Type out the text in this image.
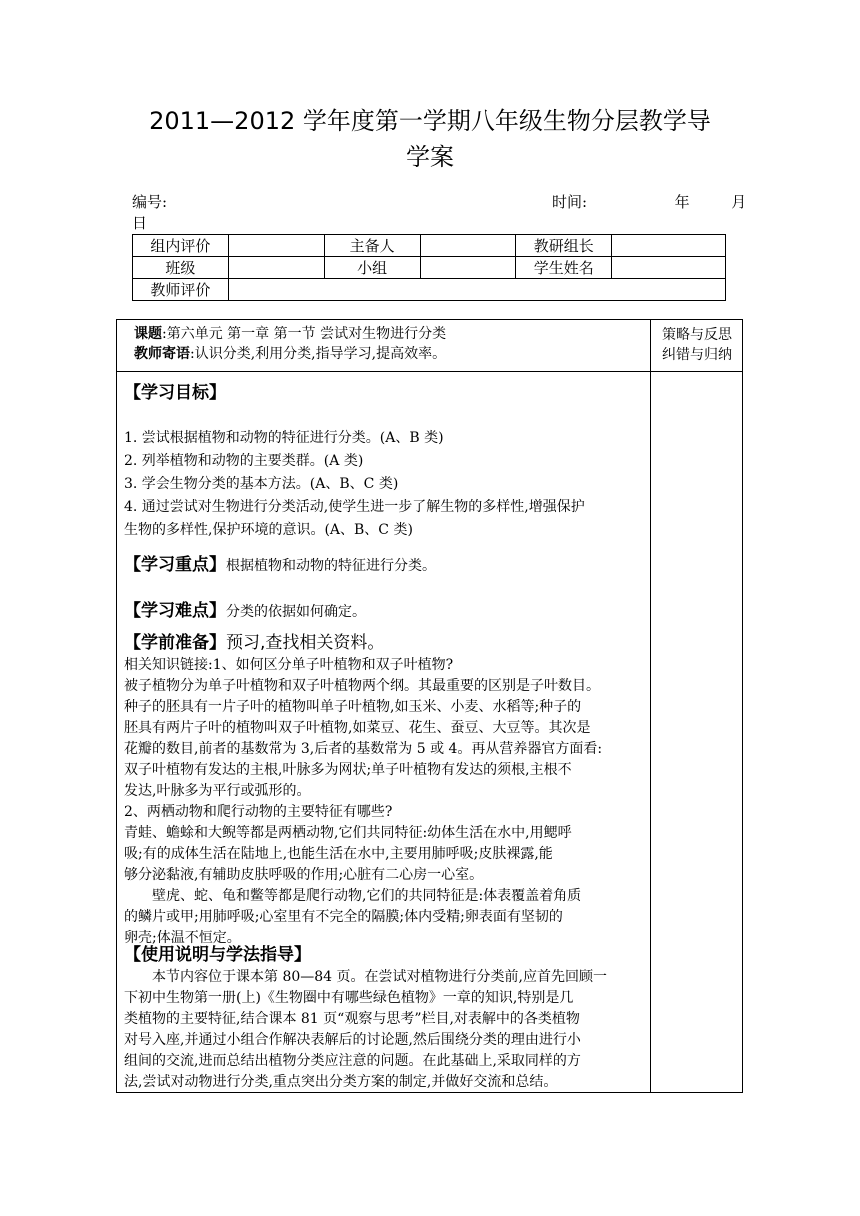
2011—2012 学年度第一学期八年级生物分层教学导
学案
编号:	时间:	年	月
日
组内评价		主备人		教研组长	
班级		小组		学生姓名	
教师评价					
策略与反思
纠错与归纳
课题:第六单元 第一章 第一节 尝试对生物进行分类
教师寄语:认识分类,利用分类,指导学习,提高效率。
【学习目标】
1. 尝试根据植物和动物的特征进行分类。(A、B 类)
2. 列举植物和动物的主要类群。(A 类)
3. 学会生物分类的基本方法。(A、B、C 类)
4. 通过尝试对生物进行分类活动,使学生进一步了解生物的多样性,增强保护
生物的多样性,保护环境的意识。(A、B、C 类)
【学习重点】根据植物和动物的特征进行分类。
【学习难点】分类的依据如何确定。
【学前准备】预习,查找相关资料。
相关知识链接:1、如何区分单子叶植物和双子叶植物?
被子植物分为单子叶植物和双子叶植物两个纲。其最重要的区别是子叶数目。
种子的胚具有一片子叶的植物叫单子叶植物,如玉米、小麦、水稻等;种子的
胚具有两片子叶的植物叫双子叶植物,如菜豆、花生、蚕豆、大豆等。其次是
花瓣的数目,前者的基数常为 3,后者的基数常为 5 或 4。再从营养器官方面看:
双子叶植物有发达的主根,叶脉多为网状;单子叶植物有发达的须根,主根不
发达,叶脉多为平行或弧形的。
2、两栖动物和爬行动物的主要特征有哪些?
青蛙、蟾蜍和大鲵等都是两栖动物,它们共同特征:幼体生活在水中,用鳃呼
吸;有的成体生活在陆地上,也能生活在水中,主要用肺呼吸;皮肤裸露,能
够分泌黏液,有辅助皮肤呼吸的作用;心脏有二心房一心室。
　　壁虎、蛇、龟和鳖等都是爬行动物,它们的共同特征是:体表覆盖着角质
的鳞片或甲;用肺呼吸;心室里有不完全的隔膜;体内受精;卵表面有坚韧的
卵壳;体温不恒定。
【使用说明与学法指导】
　　本节内容位于课本第 80—84 页。在尝试对植物进行分类前,应首先回顾一
下初中生物第一册(上)《生物圈中有哪些绿色植物》一章的知识,特别是几
类植物的主要特征,结合课本 81 页“观察与思考”栏目,对表解中的各类植物
对号入座,并通过小组合作解决表解后的讨论题,然后围绕分类的理由进行小
组间的交流,进而总结出植物分类应注意的问题。在此基础上,采取同样的方
法,尝试对动物进行分类,重点突出分类方案的制定,并做好交流和总结。
